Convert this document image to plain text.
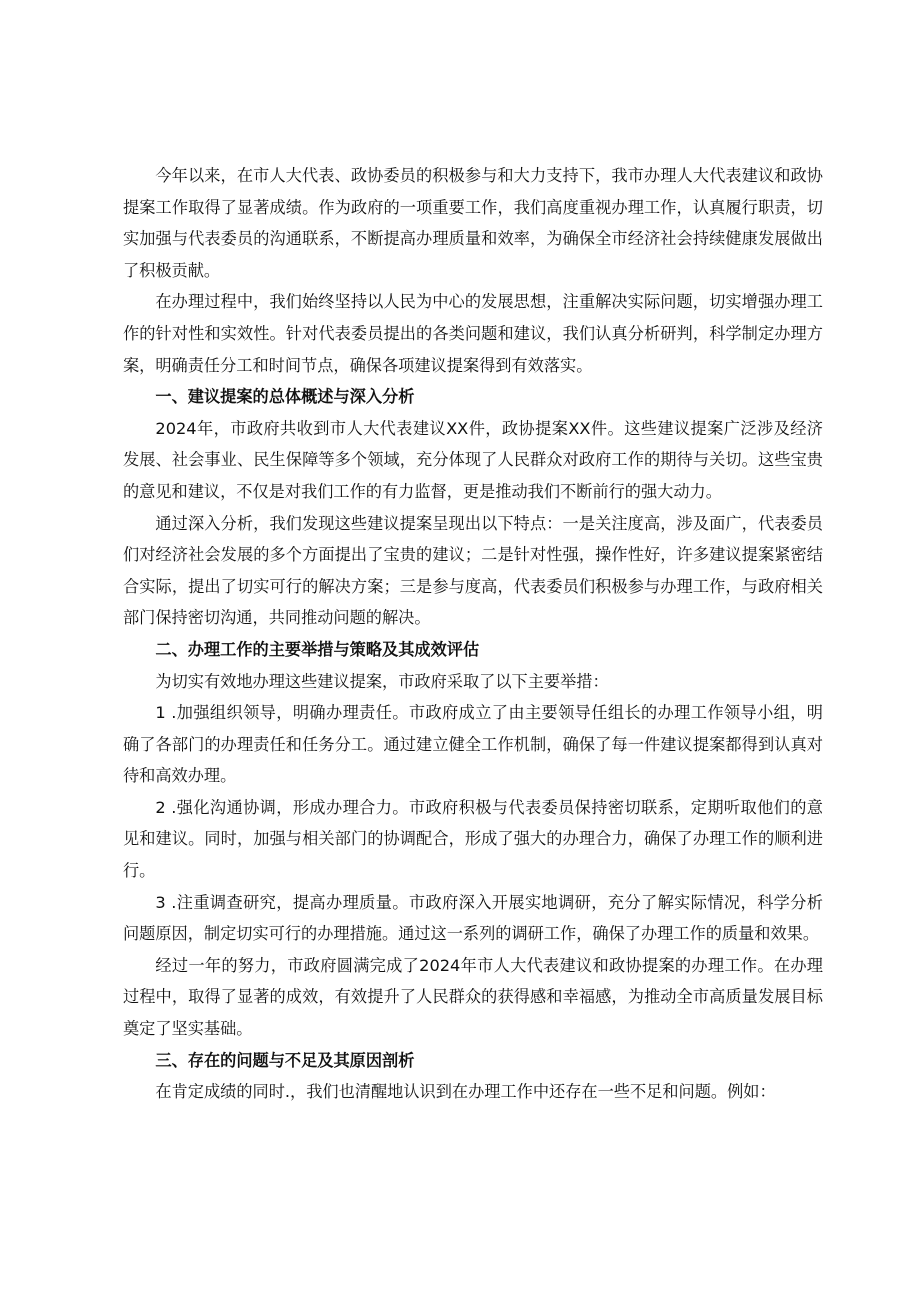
今年以来，在市人大代表、政协委员的积极参与和大力支持下，我市办理人大代表建议和政协提案工作取得了显著成绩。作为政府的一项重要工作，我们高度重视办理工作，认真履行职责，切实加强与代表委员的沟通联系，不断提高办理质量和效率，为确保全市经济社会持续健康发展做出了积极贡献。

在办理过程中，我们始终坚持以人民为中心的发展思想，注重解决实际问题，切实增强办理工作的针对性和实效性。针对代表委员提出的各类问题和建议，我们认真分析研判，科学制定办理方案，明确责任分工和时间节点，确保各项建议提案得到有效落实。

一、建议提案的总体概述与深入分析

2024年，市政府共收到市人大代表建议XX件，政协提案XX件。这些建议提案广泛涉及经济发展、社会事业、民生保障等多个领域，充分体现了人民群众对政府工作的期待与关切。这些宝贵的意见和建议，不仅是对我们工作的有力监督，更是推动我们不断前行的强大动力。

通过深入分析，我们发现这些建议提案呈现出以下特点：一是关注度高，涉及面广，代表委员们对经济社会发展的多个方面提出了宝贵的建议；二是针对性强，操作性好，许多建议提案紧密结合实际，提出了切实可行的解决方案；三是参与度高，代表委员们积极参与办理工作，与政府相关部门保持密切沟通，共同推动问题的解决。

二、办理工作的主要举措与策略及其成效评估

为切实有效地办理这些建议提案，市政府采取了以下主要举措：

1 .加强组织领导，明确办理责任。市政府成立了由主要领导任组长的办理工作领导小组，明确了各部门的办理责任和任务分工。通过建立健全工作机制，确保了每一件建议提案都得到认真对待和高效办理。

2 .强化沟通协调，形成办理合力。市政府积极与代表委员保持密切联系，定期听取他们的意见和建议。同时，加强与相关部门的协调配合，形成了强大的办理合力，确保了办理工作的顺利进行。

3 .注重调查研究，提高办理质量。市政府深入开展实地调研，充分了解实际情况，科学分析问题原因，制定切实可行的办理措施。通过这一系列的调研工作，确保了办理工作的质量和效果。

经过一年的努力，市政府圆满完成了2024年市人大代表建议和政协提案的办理工作。在办理过程中，取得了显著的成效，有效提升了人民群众的获得感和幸福感，为推动全市高质量发展目标奠定了坚实基础。

三、存在的问题与不足及其原因剖析

在肯定成绩的同时.，我们也清醒地认识到在办理工作中还存在一些不足和问题。例如：
